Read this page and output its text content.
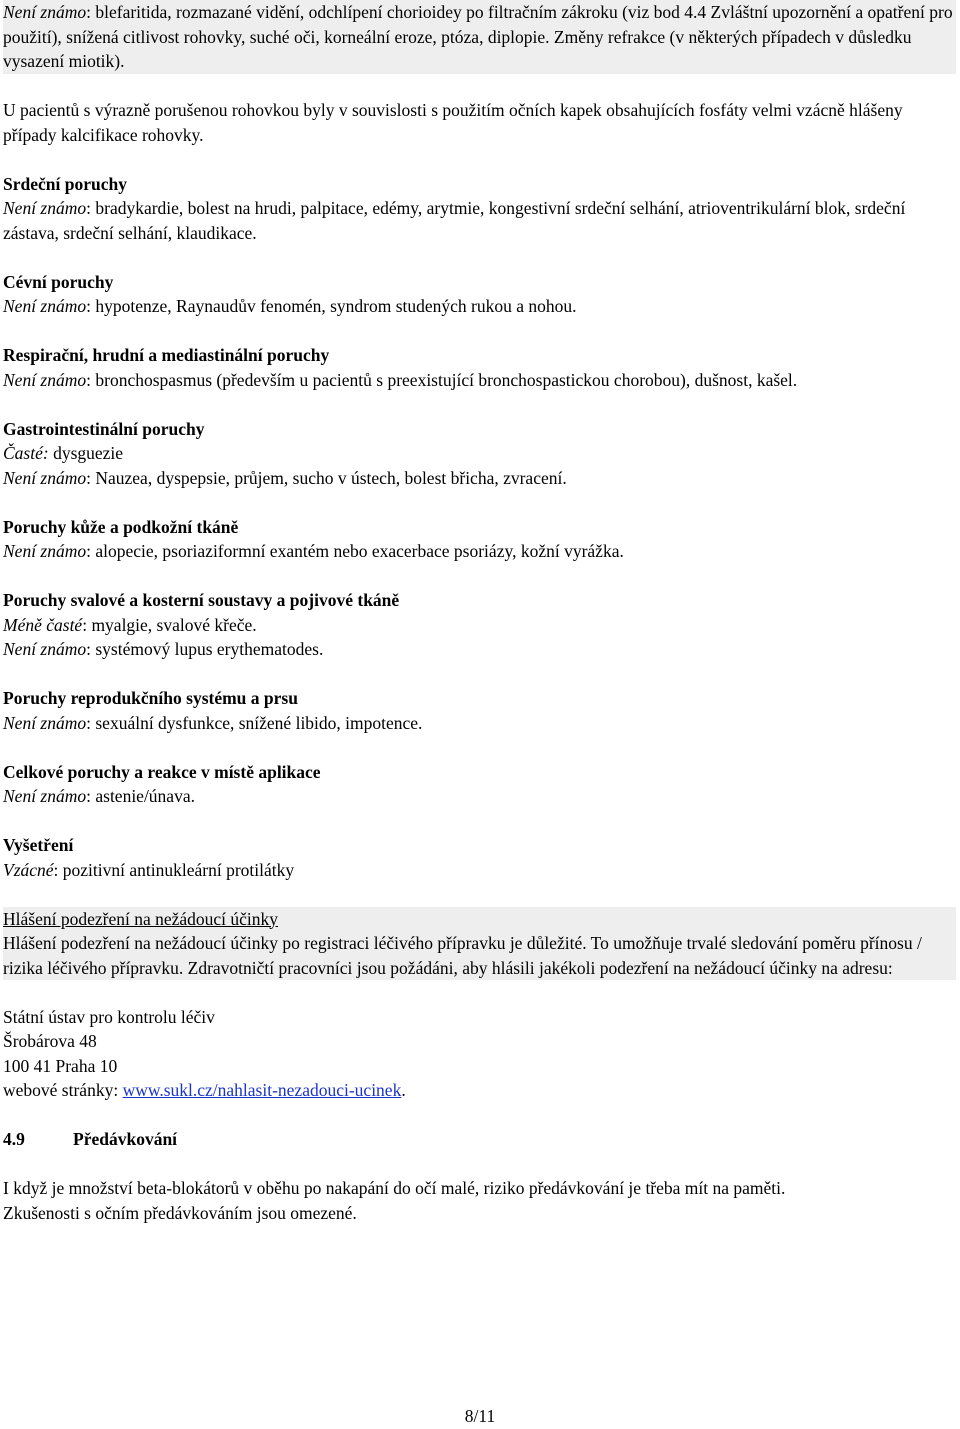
Není známo: blefaritida, rozmazané vidění, odchlípení chorioidey po filtračním zákroku (viz bod 4.4 Zvláštní upozornění a opatření pro použití), snížená citlivost rohovky, suché oči, korneální eroze, ptóza, diplopie. Změny refrakce (v některých případech v důsledku vysazení miotik).

U pacientů s výrazně porušenou rohovkou byly v souvislosti s použitím očních kapek obsahujících fosfáty velmi vzácně hlášeny případy kalcifikace rohovky.

Srdeční poruchy

Není známo: bradykardie, bolest na hrudi, palpitace, edémy, arytmie, kongestivní srdeční selhání, atrioventrikulární blok, srdeční zástava, srdeční selhání, klaudikace.

Cévní poruchy

Není známo: hypotenze, Raynaudův fenomén, syndrom studených rukou a nohou.

Respirační, hrudní a mediastinální poruchy

Není známo: bronchospasmus (především u pacientů s preexistující bronchospastickou chorobou), dušnost, kašel.

Gastrointestinální poruchy

Časté: dysguezie

Není známo: Nauzea, dyspepsie, průjem, sucho v ústech, bolest břicha, zvracení.

Poruchy kůže a podkožní tkáně

Není známo: alopecie, psoriaziformní exantém nebo exacerbace psoriázy, kožní vyrážka.

Poruchy svalové a kosterní soustavy a pojivové tkáně

Méně časté: myalgie, svalové křeče.

Není známo: systémový lupus erythematodes.

Poruchy reprodukčního systému a prsu

Není známo: sexuální dysfunkce, snížené libido, impotence.

Celkové poruchy a reakce v místě aplikace

Není známo: astenie/únava.

Vyšetření

Vzácné: pozitivní antinukleární protilátky

Hlášení podezření na nežádoucí účinky

Hlášení podezření na nežádoucí účinky po registraci léčivého přípravku je důležité. To umožňuje trvalé sledování poměru přínosu / rizika léčivého přípravku. Zdravotničtí pracovníci jsou požádáni, aby hlásili jakékoli podezření na nežádoucí účinky na adresu:

Státní ústav pro kontrolu léčiv

Šrobárova 48

100 41 Praha 10

webové stránky: www.sukl.cz/nahlasit-nezadouci-ucinek.

4.9	Předávkování

I když je množství beta-blokátorů v oběhu po nakapání do očí malé, riziko předávkování je třeba mít na paměti.

Zkušenosti s očním předávkováním jsou omezené.

8/11
